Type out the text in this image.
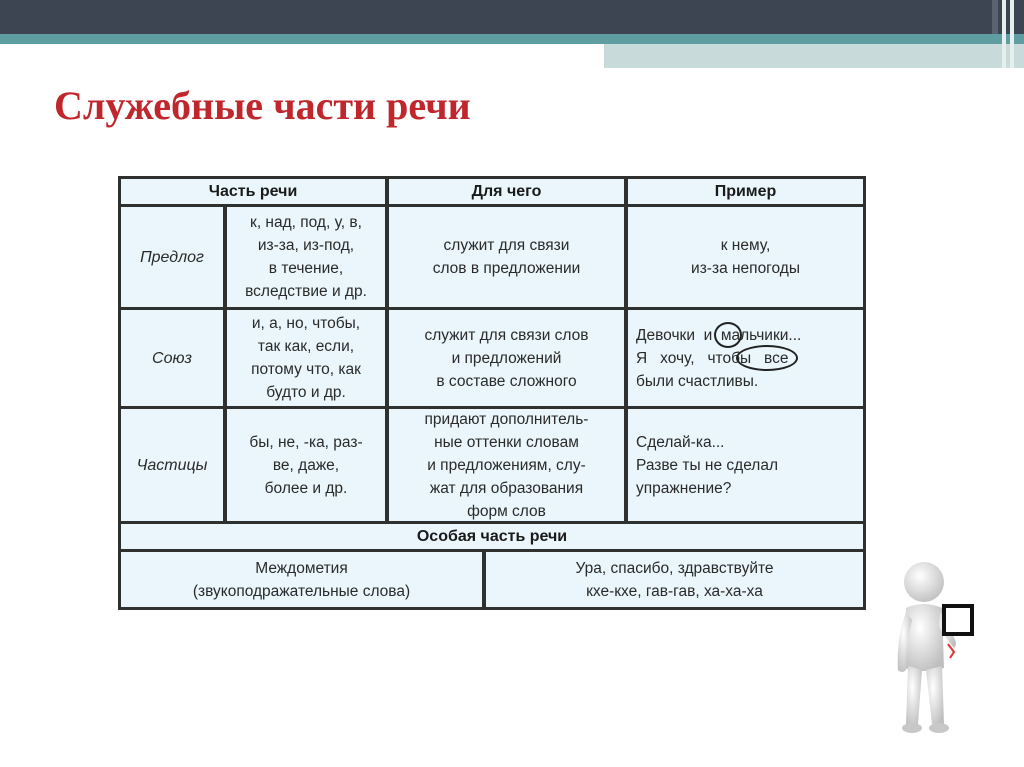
Служебные части речи
Часть речи	Для чего	Пример
Предлог
к, над, под, у, в,
из-за, из-под,
в течение,
вследствие и др.
служит для связи
слов в предложении
к нему,
из-за непогоды
Союз
и, а, но, чтобы,
так как, если,
потому что, как
будто и др.
служит для связи слов
и предложений
в составе сложного
Девочки  и  мальчики...
Я   хочу,   чтобы   все
были счастливы.
Частицы
бы, не, -ка, раз-
ве, даже,
более и др.
придают дополнитель-
ные оттенки словам
и предложениям, слу-
жат для образования
форм слов
Сделай-ка...
Разве ты не сделал
упражнение?
Особая часть речи
Междометия
(звукоподражательные слова)
Ура, спасибо, здравствуйте
кхе-кхе, гав-гав, ха-ха-ха
